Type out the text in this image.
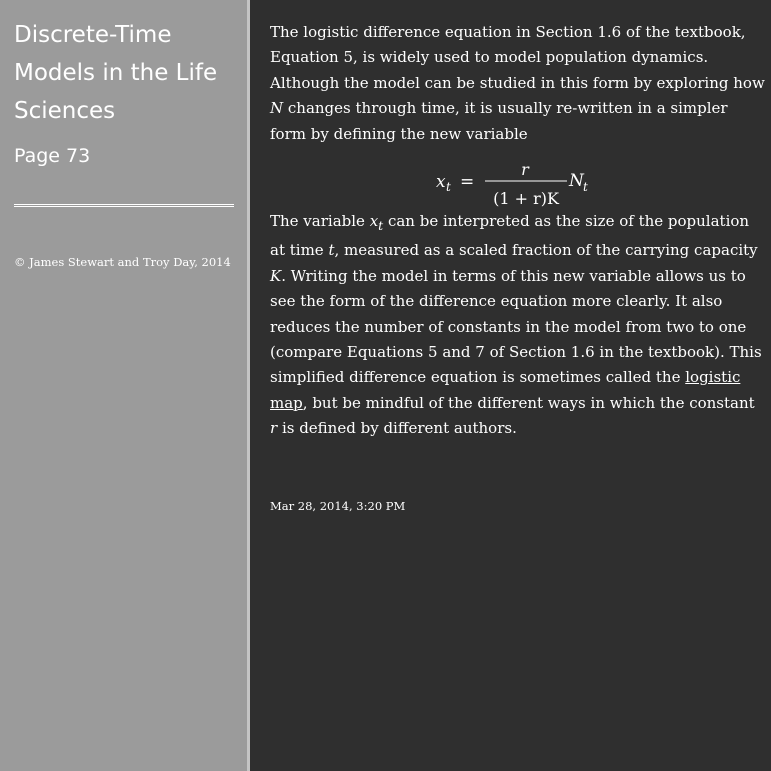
Discrete-Time Models in the Life Sciences
Page 73
© James Stewart and Troy Day, 2014

The logistic difference equation in Section 1.6 of the textbook, Equation 5, is widely used to model population dynamics. Although the model can be studied in this form by exploring how N changes through time, it is usually re-written in a simpler form by defining the new variable

x t =
r
(1 + r)K
N t

The variable $x_t$ can be interpreted as the size of the population at time t, measured as a scaled fraction of the carrying capacity K. Writing the model in terms of this new variable allows us to see the form of the difference equation more clearly. It also reduces the number of constants in the model from two to one (compare Equations 5 and 7 of Section 1.6 in the textbook). This simplified difference equation is sometimes called the logistic map, but be mindful of the different ways in which the constant r is defined by different authors.

Mar 28, 2014, 3:20 PM
